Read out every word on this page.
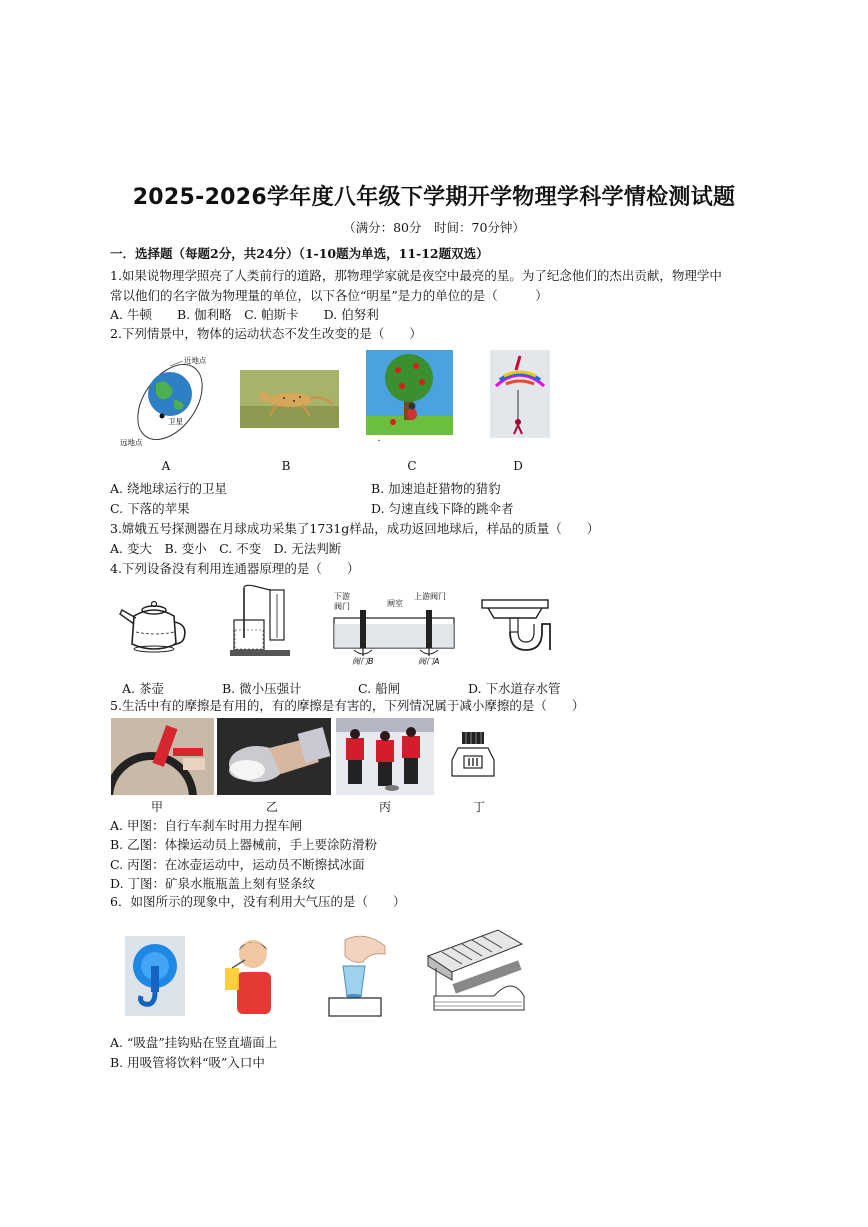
2025-2026学年度八年级下学期开学物理学科学情检测试题
（满分：80分　时间：70分钟）
一．选择题（每题2分，共24分）（1-10题为单选，11-12题双选）
1.如果说物理学照亮了人类前行的道路，那物理学家就是夜空中最亮的星。为了纪念他们的杰出贡献，物理学中
常以他们的名字做为物理量的单位，以下各位“明星”是力的单位的是（　　　）
A. 牛顿　　B. 伽利略　C. 帕斯卡　　D. 伯努利
2.下列情景中，物体的运动状态不发生改变的是（　　）
近地点
卫星
远地点	·
A	B	C	D
A. 绕地球运行的卫星	B. 加速追赶猎物的猎豹
C. 下落的苹果	D. 匀速直线下降的跳伞者
3.嫦娥五号探测器在月球成功采集了1731g样品，成功返回地球后，样品的质量（　　）
A. 变大　B. 变小　C. 不变　D. 无法判断
4.下列设备没有利用连通器原理的是（　　）
下游
阀门	闸室
上游阀门
阀门B	阀门A
A. 茶壶	B. 微小压强计	C. 船闸	D. 下水道存水管
5.生活中有的摩擦是有用的，有的摩擦是有害的，下列情况属于减小摩擦的是（　　）
甲	乙	丙	丁
A. 甲图：自行车刹车时用力捏车闸
B. 乙图：体操运动员上器械前，手上要涂防滑粉
C. 丙图：在冰壶运动中，运动员不断擦拭冰面
D. 丁图：矿泉水瓶瓶盖上刻有竖条纹
6．如图所示的现象中，没有利用大气压的是（　　）
A. “吸盘”挂钩贴在竖直墙面上
B. 用吸管将饮料“吸”入口中
